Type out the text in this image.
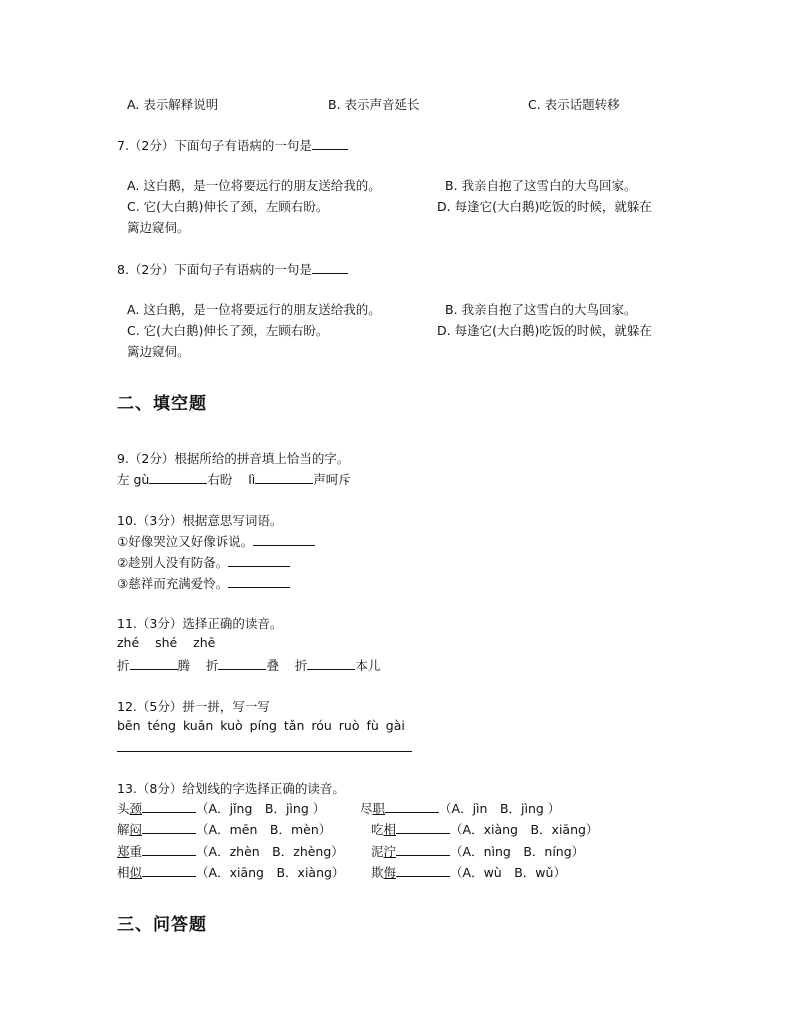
A. 表示解释说明	B. 表示声音延长	C. 表示话题转移
7.（2分）下面句子有语病的一句是
A. 这白鹅，是一位将要远行的朋友送给我的。	B. 我亲自抱了这雪白的大鸟回家。
C. 它(大白鹅)伸长了颈，左顾右盼。	D. 每逢它(大白鹅)吃饭的时候，就躲在
篱边窥伺。
8.（2分）下面句子有语病的一句是
A. 这白鹅，是一位将要远行的朋友送给我的。	B. 我亲自抱了这雪白的大鸟回家。
C. 它(大白鹅)伸长了颈，左顾右盼。	D. 每逢它(大白鹅)吃饭的时候，就躲在
篱边窥伺。
二、填空题
9.（2分）根据所给的拼音填上恰当的字。
左 gù	右盼 lì	声呵斥
10.（3分）根据意思写词语。
①好像哭泣又好像诉说。
②趁别人没有防备。
③慈祥而充满爱怜。
11.（3分）选择正确的读音。
zhé shé zhē
折	腾 折	叠 折	本儿
12.（5分）拼一拼，写一写
bēn téng kuān kuò píng tǎn róu ruò fù gài
13.（8分）给划线的字选择正确的读音。
头颈	（A．jǐng　B．jìng ）	尽职	（A．jìn　B．jìng ）
解闷	（A．mēn　B．mèn）	吃相	（A．xiàng　B．xiāng）
郑重	（A．zhèn　B．zhèng） 泥泞	（A．nìng　B．níng）
相似	（A．xiāng　B．xiàng） 欺侮	（A．wù　B．wǔ）
三、问答题
